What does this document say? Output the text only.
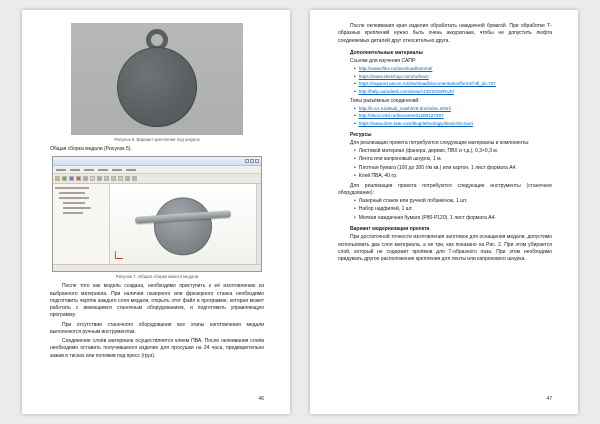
Рисунок 6. Вариант крепления под шнурок

Общая сборка медали (Рисунок 5).

Рисунок 7. Общая сборка макета медали

После того как модель создана, необходимо приступить к её изготовлению из выбранного материала. При наличии лазерного или фрезерного станка необходимо подготовить чертёж каждого слоя медали, открыть этот файл в программе, которая может работать с имеющимся станочным оборудованием, и подготовить управляющую программу.

При отсутствии станочного оборудования все этапы изготовления медали выполняются ручным инструментом.

Соединение слоёв материала осуществляется клеем ПВА. После оклеивания слоёв необходимо оставить получившееся изделие для просушки на 24 часа, предварительно зажав в тисках или положив под пресс (груз).

46

После оклеивания края изделия обработать наждачной бумагой. При обработке Т-образных креплений нужно быть очень аккуратным, чтобы не допустить люфта соединяемых деталей друг относительно друга.

Дополнительные материалы
Ссылки для изучения САПР:
• http://www.tflex.ru/download/tutorial/
• https://www.sketchup.com/ru/learn
• https://support.ascon.ru/download/documentation/forms/?dl_id=737
• http://help.autodesk.com/view/ACD/2016/RUS/
Типы разъёмных соединений:
• http://k-a-t.ru/detali_mashin/8-dm/index.shtml
• http://docs.cntd.ru/document/1200127267
• https://www.dom-late.com/blog/tehnologiy/lesnichin-tvori
Ресурсы
Для реализации проекта потребуются следующие материалы и компоненты:
• Листовой материал (фанера, дерево, ПВХ и т.д.), 0,3×0,3 м.
• Лента или капроновый шнурок, 1 м.
• Плотная бумага (100 до 300 г/м кв.) или картон, 1 лист формата А4.
• Клей ПВА, 40 гр.
Для реализации проекта потребуются следующие инструменты (станочное оборудование):
• Лазерный станок или ручной лобзик/нож, 1 шт.
• Набор надфилей, 1 шт.
• Мелкая наждачная бумага (Р80-Р120), 1 лист формата А4.
Вариант модернизации проекта

При достаточной точности изготовления заготовок для оснащения медали, допустимо использовать два слоя материала, а не три, как показано на Рис. 2. При этом убирается слой, который не содержит проёмов для Т-образного паза. При этом необходимо придумать другое расположение крепления для ленты или капронового шнурка.

47
